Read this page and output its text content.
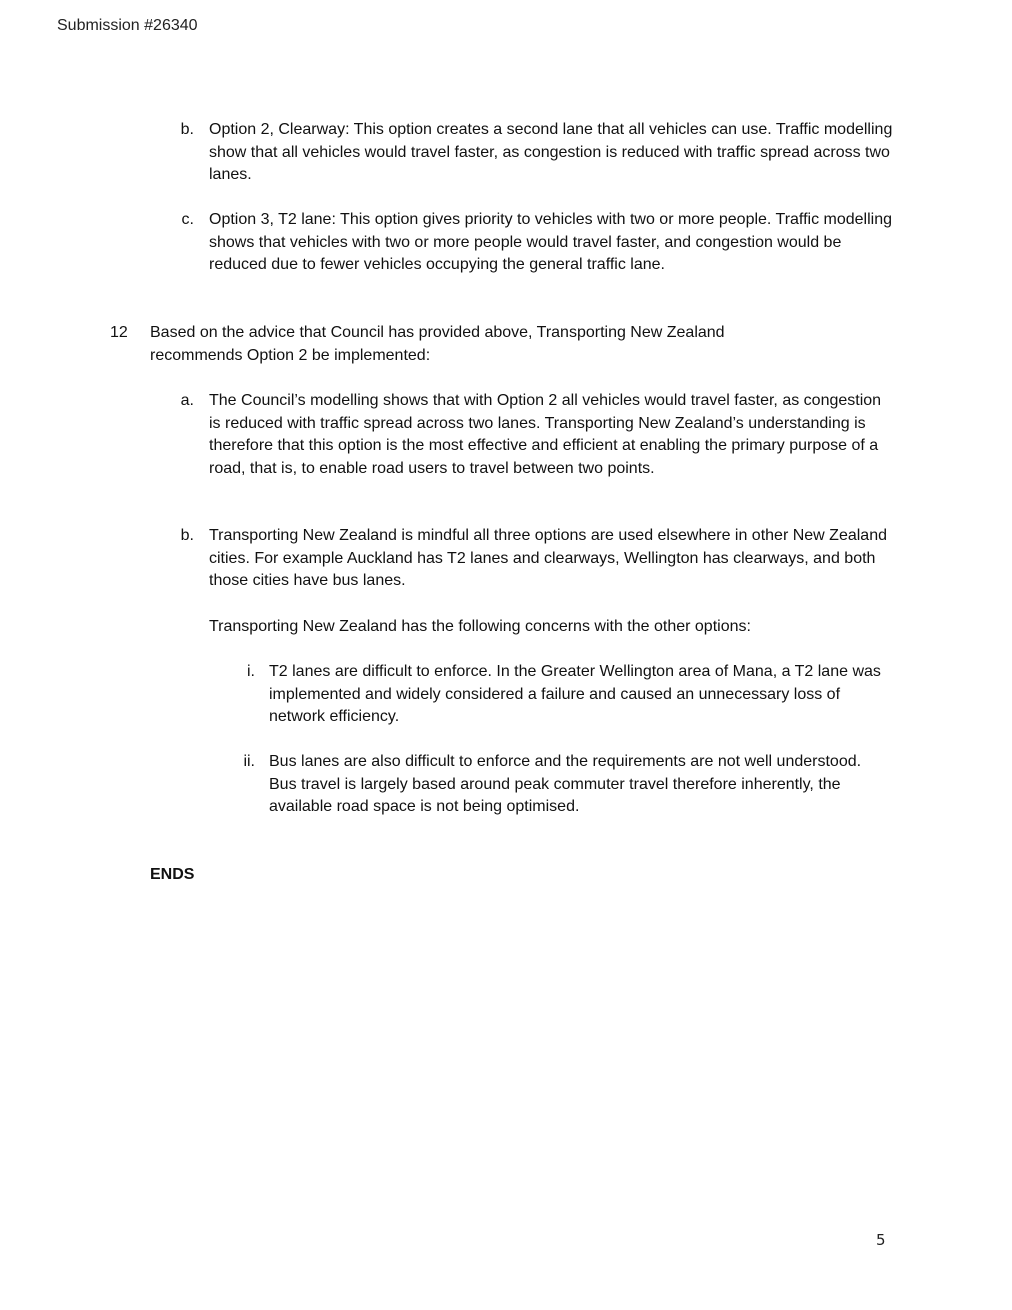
Submission #26340
b. Option 2, Clearway: This option creates a second lane that all vehicles can use. Traffic modelling show that all vehicles would travel faster, as congestion is reduced with traffic spread across two lanes.
c. Option 3, T2 lane: This option gives priority to vehicles with two or more people. Traffic modelling shows that vehicles with two or more people would travel faster, and congestion would be reduced due to fewer vehicles occupying the general traffic lane.
12	Based on the advice that Council has provided above, Transporting New Zealand recommends Option 2 be implemented:
a. The Council’s modelling shows that with Option 2 all vehicles would travel faster, as congestion is reduced with traffic spread across two lanes. Transporting New Zealand’s understanding is therefore that this option is the most effective and efficient at enabling the primary purpose of a road, that is, to enable road users to travel between two points.
b. Transporting New Zealand is mindful all three options are used elsewhere in other New Zealand cities. For example Auckland has T2 lanes and clearways, Wellington has clearways, and both those cities have bus lanes.
Transporting New Zealand has the following concerns with the other options:
i. T2 lanes are difficult to enforce. In the Greater Wellington area of Mana, a T2 lane was implemented and widely considered a failure and caused an unnecessary loss of network efficiency.
ii. Bus lanes are also difficult to enforce and the requirements are not well understood. Bus travel is largely based around peak commuter travel therefore inherently, the available road space is not being optimised.
ENDS
5
